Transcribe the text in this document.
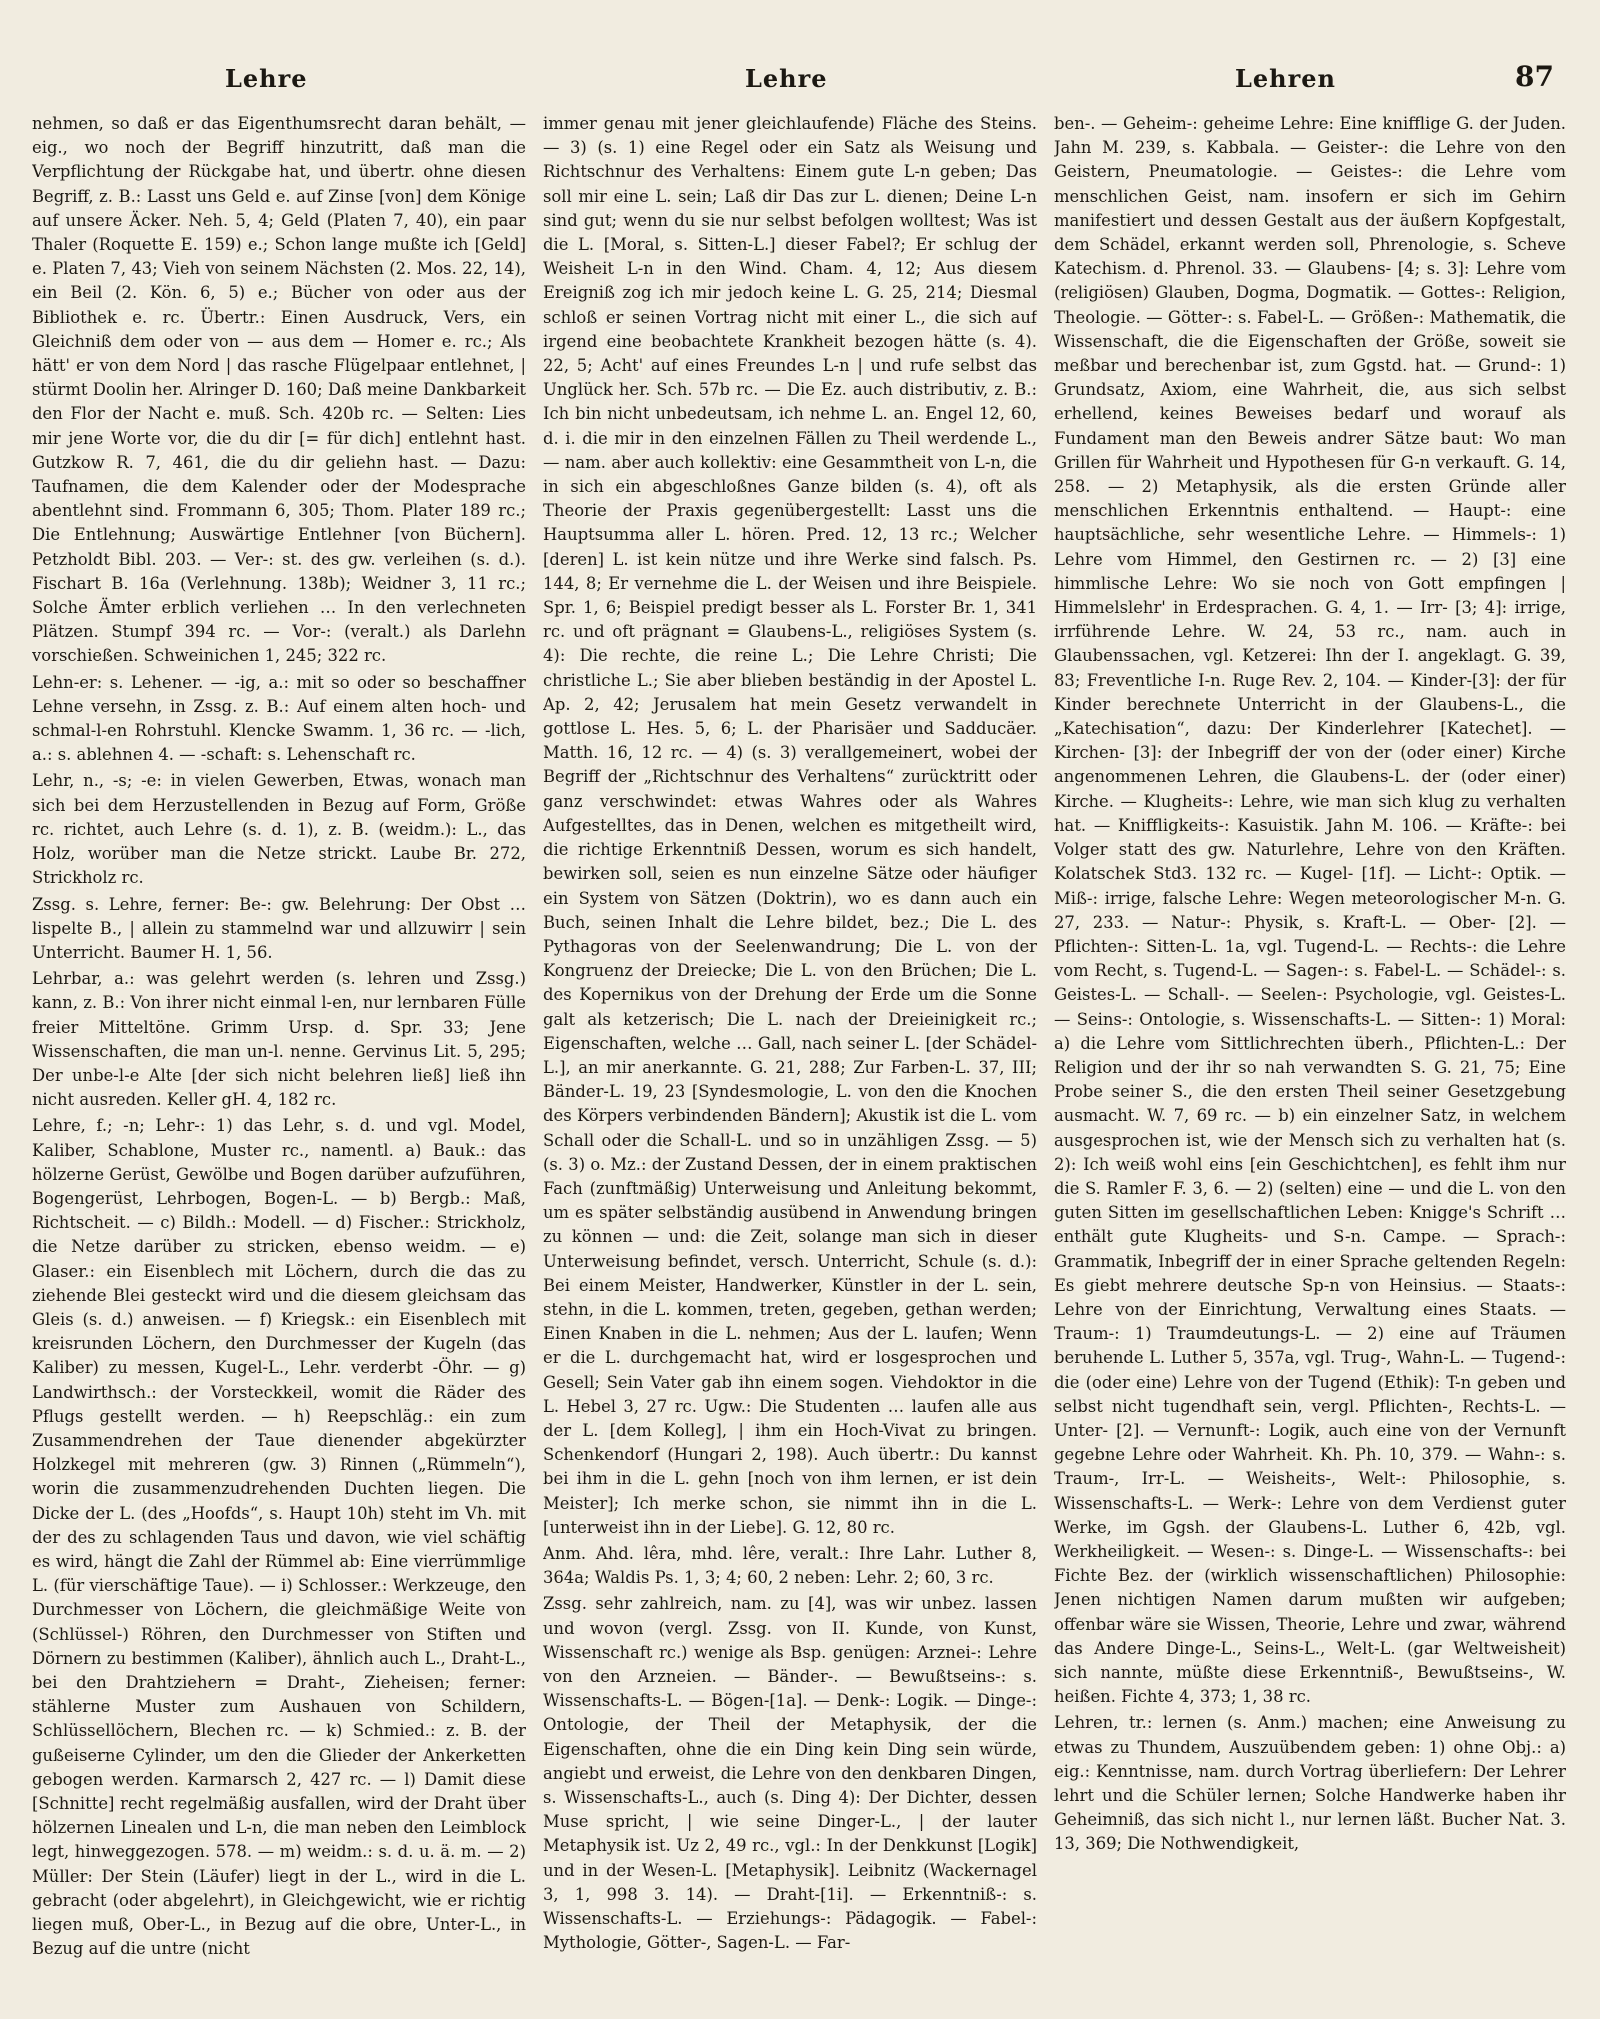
Lehre	Lehre	Lehren	87

nehmen, so daß er das Eigenthumsrecht daran behält, — eig., wo noch der Begriff hinzutritt, daß man die Verpflichtung der Rückgabe hat, und übertr. ohne diesen Begriff, z. B.: Lasst uns Geld e. auf Zinse [von] dem Könige auf unsere Äcker. Neh. 5, 4; Geld (Platen 7, 40), ein paar Thaler (Roquette E. 159) e.; Schon lange mußte ich [Geld] e. Platen 7, 43; Vieh von seinem Nächsten (2. Mos. 22, 14), ein Beil (2. Kön. 6, 5) e.; Bücher von oder aus der Bibliothek e. rc. Übertr.: Einen Ausdruck, Vers, ein Gleichniß dem oder von — aus dem — Homer e. rc.; Als hätt' er von dem Nord | das rasche Flügelpaar entlehnet, | stürmt Doolin her. Alringer D. 160; Daß meine Dankbarkeit den Flor der Nacht e. muß. Sch. 420b rc. — Selten: Lies mir jene Worte vor, die du dir [= für dich] entlehnt hast. Gutzkow R. 7, 461, die du dir geliehn hast. — Dazu: Taufnamen, die dem Kalender oder der Modesprache abentlehnt sind. Frommann 6, 305; Thom. Plater 189 rc.; Die Entlehnung; Auswärtige Entlehner [von Büchern]. Petzholdt Bibl. 203. — Ver-: st. des gw. verleihen (s. d.). Fischart B. 16a (Verlehnung. 138b); Weidner 3, 11 rc.; Solche Ämter erblich verliehen … In den verlechneten Plätzen. Stumpf 394 rc. — Vor-: (veralt.) als Darlehn vorschießen. Schweinichen 1, 245; 322 rc.

Lehn-er: s. Lehener. — -ig, a.: mit so oder so beschaffner Lehne versehn, in Zssg. z. B.: Auf einem alten hoch- und schmal-l-en Rohrstuhl. Klencke Swamm. 1, 36 rc. — -lich, a.: s. ablehnen 4. — -schaft: s. Lehenschaft rc.

Lehr, n., -s; -e: in vielen Gewerben, Etwas, wonach man sich bei dem Herzustellenden in Bezug auf Form, Größe rc. richtet, auch Lehre (s. d. 1), z. B. (weidm.): L., das Holz, worüber man die Netze strickt. Laube Br. 272, Strickholz rc.

Zssg. s. Lehre, ferner: Be-: gw. Belehrung: Der Obst … lispelte B., | allein zu stammelnd war und allzuwirr | sein Unterricht. Baumer H. 1, 56.

Lehrbar, a.: was gelehrt werden (s. lehren und Zssg.) kann, z. B.: Von ihrer nicht einmal l-en, nur lernbaren Fülle freier Mitteltöne. Grimm Ursp. d. Spr. 33; Jene Wissenschaften, die man un-l. nenne. Gervinus Lit. 5, 295; Der unbe-l-e Alte [der sich nicht belehren ließ] ließ ihn nicht ausreden. Keller gH. 4, 182 rc.

Lehre, f.; -n; Lehr-: 1) das Lehr, s. d. und vgl. Model, Kaliber, Schablone, Muster rc., namentl. a) Bauk.: das hölzerne Gerüst, Gewölbe und Bogen darüber aufzuführen, Bogengerüst, Lehrbogen, Bogen-L. — b) Bergb.: Maß, Richtscheit. — c) Bildh.: Modell. — d) Fischer.: Strickholz, die Netze darüber zu stricken, ebenso weidm. — e) Glaser.: ein Eisenblech mit Löchern, durch die das zu ziehende Blei gesteckt wird und die diesem gleichsam das Gleis (s. d.) anweisen. — f) Kriegsk.: ein Eisenblech mit kreisrunden Löchern, den Durchmesser der Kugeln (das Kaliber) zu messen, Kugel-L., Lehr. verderbt -Öhr. — g) Landwirthsch.: der Vorsteckkeil, womit die Räder des Pflugs gestellt werden. — h) Reepschläg.: ein zum Zusammendrehen der Taue dienender abgekürzter Holzkegel mit mehreren (gw. 3) Rinnen („Rümmeln“), worin die zusammenzudrehenden Duchten liegen. Die Dicke der L. (des „Hoofds“, s. Haupt 10h) steht im Vh. mit der des zu schlagenden Taus und davon, wie viel schäftig es wird, hängt die Zahl der Rümmel ab: Eine vierrümmlige L. (für vierschäftige Taue). — i) Schlosser.: Werkzeuge, den Durchmesser von Löchern, die gleichmäßige Weite von (Schlüssel-) Röhren, den Durchmesser von Stiften und Dörnern zu bestimmen (Kaliber), ähnlich auch L., Draht-L., bei den Drahtziehern = Draht-, Zieheisen; ferner: stählerne Muster zum Aushauen von Schildern, Schlüssellöchern, Blechen rc. — k) Schmied.: z. B. der gußeiserne Cylinder, um den die Glieder der Ankerketten gebogen werden. Karmarsch 2, 427 rc. — l) Damit diese [Schnitte] recht regelmäßig ausfallen, wird der Draht über hölzernen Linealen und L-n, die man neben den Leimblock legt, hinweggezogen. 578. — m) weidm.: s. d. u. ä. m. — 2) Müller: Der Stein (Läufer) liegt in der L., wird in die L. gebracht (oder abgelehrt), in Gleichgewicht, wie er richtig liegen muß, Ober-L., in Bezug auf die obre, Unter-L., in Bezug auf die untre (nicht

immer genau mit jener gleichlaufende) Fläche des Steins. — 3) (s. 1) eine Regel oder ein Satz als Weisung und Richtschnur des Verhaltens: Einem gute L-n geben; Das soll mir eine L. sein; Laß dir Das zur L. dienen; Deine L-n sind gut; wenn du sie nur selbst befolgen wolltest; Was ist die L. [Moral, s. Sitten-L.] dieser Fabel?; Er schlug der Weisheit L-n in den Wind. Cham. 4, 12; Aus diesem Ereigniß zog ich mir jedoch keine L. G. 25, 214; Diesmal schloß er seinen Vortrag nicht mit einer L., die sich auf irgend eine beobachtete Krankheit bezogen hätte (s. 4). 22, 5; Acht' auf eines Freundes L-n | und rufe selbst das Unglück her. Sch. 57b rc. — Die Ez. auch distributiv, z. B.: Ich bin nicht unbedeutsam, ich nehme L. an. Engel 12, 60, d. i. die mir in den einzelnen Fällen zu Theil werdende L., — nam. aber auch kollektiv: eine Gesammtheit von L-n, die in sich ein abgeschloßnes Ganze bilden (s. 4), oft als Theorie der Praxis gegenübergestellt: Lasst uns die Hauptsumma aller L. hören. Pred. 12, 13 rc.; Welcher [deren] L. ist kein nütze und ihre Werke sind falsch. Ps. 144, 8; Er vernehme die L. der Weisen und ihre Beispiele. Spr. 1, 6; Beispiel predigt besser als L. Forster Br. 1, 341 rc. und oft prägnant = Glaubens-L., religiöses System (s. 4): Die rechte, die reine L.; Die Lehre Christi; Die christliche L.; Sie aber blieben beständig in der Apostel L. Ap. 2, 42; Jerusalem hat mein Gesetz verwandelt in gottlose L. Hes. 5, 6; L. der Pharisäer und Sadducäer. Matth. 16, 12 rc. — 4) (s. 3) verallgemeinert, wobei der Begriff der „Richtschnur des Verhaltens“ zurücktritt oder ganz verschwindet: etwas Wahres oder als Wahres Aufgestelltes, das in Denen, welchen es mitgetheilt wird, die richtige Erkenntniß Dessen, worum es sich handelt, bewirken soll, seien es nun einzelne Sätze oder häufiger ein System von Sätzen (Doktrin), wo es dann auch ein Buch, seinen Inhalt die Lehre bildet, bez.; Die L. des Pythagoras von der Seelenwandrung; Die L. von der Kongruenz der Dreiecke; Die L. von den Brüchen; Die L. des Kopernikus von der Drehung der Erde um die Sonne galt als ketzerisch; Die L. nach der Dreieinigkeit rc.; Eigenschaften, welche … Gall, nach seiner L. [der Schädel-L.], an mir anerkannte. G. 21, 288; Zur Farben-L. 37, III; Bänder-L. 19, 23 [Syndesmologie, L. von den die Knochen des Körpers verbindenden Bändern]; Akustik ist die L. vom Schall oder die Schall-L. und so in unzähligen Zssg. — 5) (s. 3) o. Mz.: der Zustand Dessen, der in einem praktischen Fach (zunftmäßig) Unterweisung und Anleitung bekommt, um es später selbständig ausübend in Anwendung bringen zu können — und: die Zeit, solange man sich in dieser Unterweisung befindet, versch. Unterricht, Schule (s. d.): Bei einem Meister, Handwerker, Künstler in der L. sein, stehn, in die L. kommen, treten, gegeben, gethan werden; Einen Knaben in die L. nehmen; Aus der L. laufen; Wenn er die L. durchgemacht hat, wird er losgesprochen und Gesell; Sein Vater gab ihn einem sogen. Viehdoktor in die L. Hebel 3, 27 rc. Ugw.: Die Studenten … laufen alle aus der L. [dem Kolleg], | ihm ein Hoch-Vivat zu bringen. Schenkendorf (Hungari 2, 198). Auch übertr.: Du kannst bei ihm in die L. gehn [noch von ihm lernen, er ist dein Meister]; Ich merke schon, sie nimmt ihn in die L. [unterweist ihn in der Liebe]. G. 12, 80 rc.

Anm. Ahd. lêra, mhd. lêre, veralt.: Ihre Lahr. Luther 8, 364a; Waldis Ps. 1, 3; 4; 60, 2 neben: Lehr. 2; 60, 3 rc.

Zssg. sehr zahlreich, nam. zu [4], was wir unbez. lassen und wovon (vergl. Zssg. von II. Kunde, von Kunst, Wissenschaft rc.) wenige als Bsp. genügen: Arznei-: Lehre von den Arzneien. — Bänder-. — Bewußtseins-: s. Wissenschafts-L. — Bögen-[1a]. — Denk-: Logik. — Dinge-: Ontologie, der Theil der Metaphysik, der die Eigenschaften, ohne die ein Ding kein Ding sein würde, angiebt und erweist, die Lehre von den denkbaren Dingen, s. Wissenschafts-L., auch (s. Ding 4): Der Dichter, dessen Muse spricht, | wie seine Dinger-L., | der lauter Metaphysik ist. Uz 2, 49 rc., vgl.: In der Denkkunst [Logik] und in der Wesen-L. [Metaphysik]. Leibnitz (Wackernagel 3, 1, 998 3. 14). — Draht-[1i]. — Erkenntniß-: s. Wissenschafts-L. — Erziehungs-: Pädagogik. — Fabel-: Mythologie, Götter-, Sagen-L. — Far-

ben-. — Geheim-: geheime Lehre: Eine knifflige G. der Juden. Jahn M. 239, s. Kabbala. — Geister-: die Lehre von den Geistern, Pneumatologie. — Geistes-: die Lehre vom menschlichen Geist, nam. insofern er sich im Gehirn manifestiert und dessen Gestalt aus der äußern Kopfgestalt, dem Schädel, erkannt werden soll, Phrenologie, s. Scheve Katechism. d. Phrenol. 33. — Glaubens- [4; s. 3]: Lehre vom (religiösen) Glauben, Dogma, Dogmatik. — Gottes-: Religion, Theologie. — Götter-: s. Fabel-L. — Größen-: Mathematik, die Wissenschaft, die die Eigenschaften der Größe, soweit sie meßbar und berechenbar ist, zum Ggstd. hat. — Grund-: 1) Grundsatz, Axiom, eine Wahrheit, die, aus sich selbst erhellend, keines Beweises bedarf und worauf als Fundament man den Beweis andrer Sätze baut: Wo man Grillen für Wahrheit und Hypothesen für G-n verkauft. G. 14, 258. — 2) Metaphysik, als die ersten Gründe aller menschlichen Erkenntnis enthaltend. — Haupt-: eine hauptsächliche, sehr wesentliche Lehre. — Himmels-: 1) Lehre vom Himmel, den Gestirnen rc. — 2) [3] eine himmlische Lehre: Wo sie noch von Gott empfingen | Himmelslehr' in Erdesprachen. G. 4, 1. — Irr- [3; 4]: irrige, irrführende Lehre. W. 24, 53 rc., nam. auch in Glaubenssachen, vgl. Ketzerei: Ihn der I. angeklagt. G. 39, 83; Freventliche I-n. Ruge Rev. 2, 104. — Kinder-[3]: der für Kinder berechnete Unterricht in der Glaubens-L., die „Katechisation“, dazu: Der Kinderlehrer [Katechet]. — Kirchen- [3]: der Inbegriff der von der (oder einer) Kirche angenommenen Lehren, die Glaubens-L. der (oder einer) Kirche. — Klugheits-: Lehre, wie man sich klug zu verhalten hat. — Kniffligkeits-: Kasuistik. Jahn M. 106. — Kräfte-: bei Volger statt des gw. Naturlehre, Lehre von den Kräften. Kolatschek Std3. 132 rc. — Kugel- [1f]. — Licht-: Optik. — Miß-: irrige, falsche Lehre: Wegen meteorologischer M-n. G. 27, 233. — Natur-: Physik, s. Kraft-L. — Ober- [2]. — Pflichten-: Sitten-L. 1a, vgl. Tugend-L. — Rechts-: die Lehre vom Recht, s. Tugend-L. — Sagen-: s. Fabel-L. — Schädel-: s. Geistes-L. — Schall-. — Seelen-: Psychologie, vgl. Geistes-L. — Seins-: Ontologie, s. Wissenschafts-L. — Sitten-: 1) Moral: a) die Lehre vom Sittlichrechten überh., Pflichten-L.: Der Religion und der ihr so nah verwandten S. G. 21, 75; Eine Probe seiner S., die den ersten Theil seiner Gesetzgebung ausmacht. W. 7, 69 rc. — b) ein einzelner Satz, in welchem ausgesprochen ist, wie der Mensch sich zu verhalten hat (s. 2): Ich weiß wohl eins [ein Geschichtchen], es fehlt ihm nur die S. Ramler F. 3, 6. — 2) (selten) eine — und die L. von den guten Sitten im gesellschaftlichen Leben: Knigge's Schrift … enthält gute Klugheits- und S-n. Campe. — Sprach-: Grammatik, Inbegriff der in einer Sprache geltenden Regeln: Es giebt mehrere deutsche Sp-n von Heinsius. — Staats-: Lehre von der Einrichtung, Verwaltung eines Staats. — Traum-: 1) Traumdeutungs-L. — 2) eine auf Träumen beruhende L. Luther 5, 357a, vgl. Trug-, Wahn-L. — Tugend-: die (oder eine) Lehre von der Tugend (Ethik): T-n geben und selbst nicht tugendhaft sein, vergl. Pflichten-, Rechts-L. — Unter- [2]. — Vernunft-: Logik, auch eine von der Vernunft gegebne Lehre oder Wahrheit. Kh. Ph. 10, 379. — Wahn-: s. Traum-, Irr-L. — Weisheits-, Welt-: Philosophie, s. Wissenschafts-L. — Werk-: Lehre von dem Verdienst guter Werke, im Ggsh. der Glaubens-L. Luther 6, 42b, vgl. Werkheiligkeit. — Wesen-: s. Dinge-L. — Wissenschafts-: bei Fichte Bez. der (wirklich wissenschaftlichen) Philosophie: Jenen nichtigen Namen darum mußten wir aufgeben; offenbar wäre sie Wissen, Theorie, Lehre und zwar, während das Andere Dinge-L., Seins-L., Welt-L. (gar Weltweisheit) sich nannte, müßte diese Erkenntniß-, Bewußtseins-, W. heißen. Fichte 4, 373; 1, 38 rc.

Lehren, tr.: lernen (s. Anm.) machen; eine Anweisung zu etwas zu Thundem, Auszuübendem geben: 1) ohne Obj.: a) eig.: Kenntnisse, nam. durch Vortrag überliefern: Der Lehrer lehrt und die Schüler lernen; Solche Handwerke haben ihr Geheimniß, das sich nicht l., nur lernen läßt. Bucher Nat. 3. 13, 369; Die Nothwendigkeit,
